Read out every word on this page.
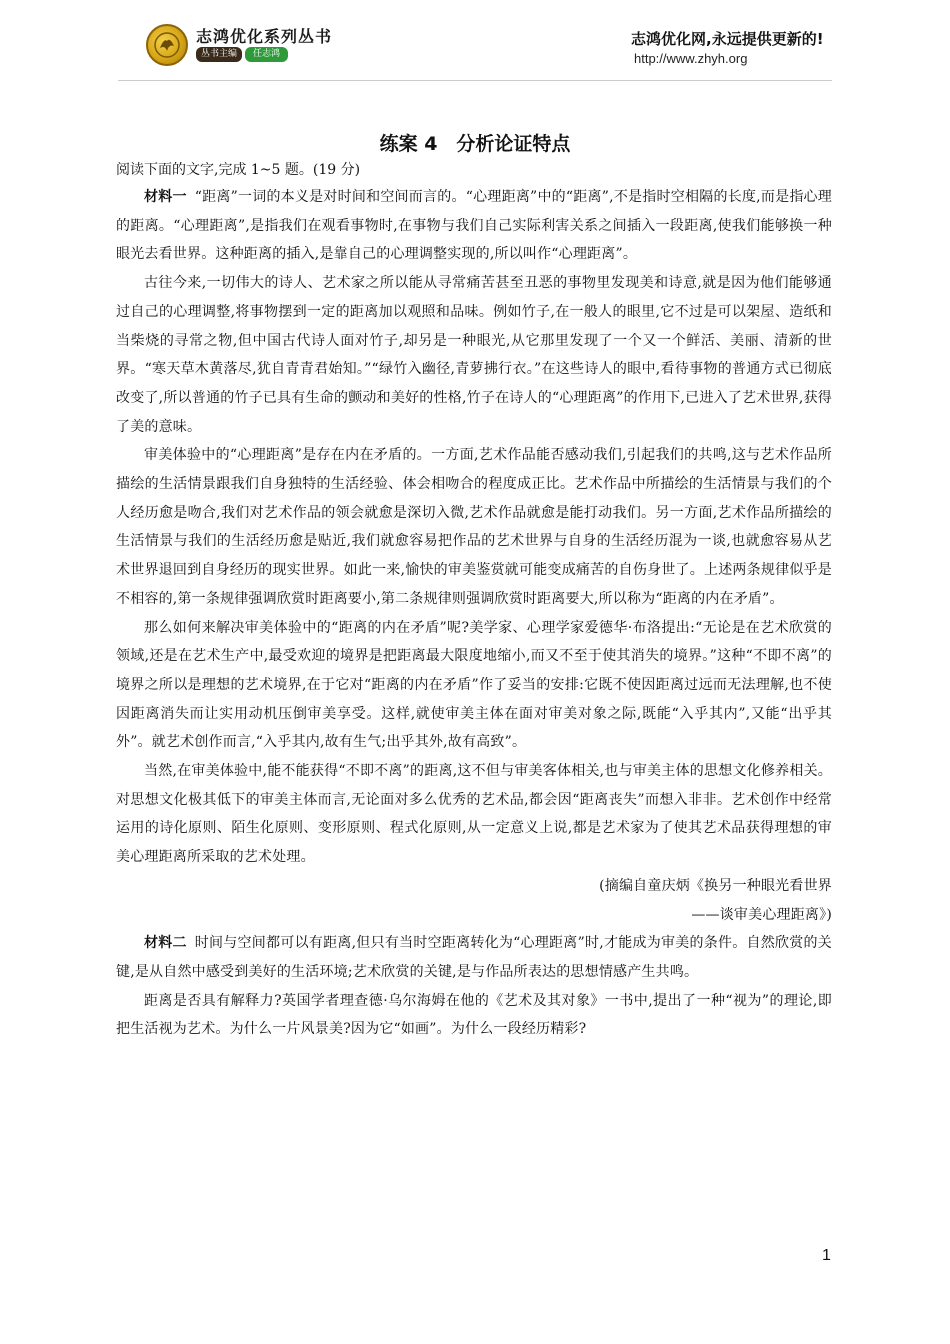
志鸿优化系列丛书
丛书主编	任志鸿
志鸿优化网,永远提供更新的!
http://www.zhyh.org
练案 4　分析论证特点
阅读下面的文字,完成 1~5 题。(19 分)

材料一 “距离”一词的本义是对时间和空间而言的。“心理距离”中的“距离”,不是指时空相隔的长度,而是指心理的距离。“心理距离”,是指我们在观看事物时,在事物与我们自己实际利害关系之间插入一段距离,使我们能够换一种眼光去看世界。这种距离的插入,是靠自己的心理调整实现的,所以叫作“心理距离”。

古往今来,一切伟大的诗人、艺术家之所以能从寻常痛苦甚至丑恶的事物里发现美和诗意,就是因为他们能够通过自己的心理调整,将事物摆到一定的距离加以观照和品味。例如竹子,在一般人的眼里,它不过是可以架屋、造纸和当柴烧的寻常之物,但中国古代诗人面对竹子,却另是一种眼光,从它那里发现了一个又一个鲜活、美丽、清新的世界。“寒天草木黄落尽,犹自青青君始知。”“绿竹入幽径,青萝拂行衣。”在这些诗人的眼中,看待事物的普通方式已彻底改变了,所以普通的竹子已具有生命的颤动和美好的性格,竹子在诗人的“心理距离”的作用下,已进入了艺术世界,获得了美的意味。

审美体验中的“心理距离”是存在内在矛盾的。一方面,艺术作品能否感动我们,引起我们的共鸣,这与艺术作品所描绘的生活情景跟我们自身独特的生活经验、体会相吻合的程度成正比。艺术作品中所描绘的生活情景与我们的个人经历愈是吻合,我们对艺术作品的领会就愈是深切入微,艺术作品就愈是能打动我们。另一方面,艺术作品所描绘的生活情景与我们的生活经历愈是贴近,我们就愈容易把作品的艺术世界与自身的生活经历混为一谈,也就愈容易从艺术世界退回到自身经历的现实世界。如此一来,愉快的审美鉴赏就可能变成痛苦的自伤身世了。上述两条规律似乎是不相容的,第一条规律强调欣赏时距离要小,第二条规律则强调欣赏时距离要大,所以称为“距离的内在矛盾”。

那么如何来解决审美体验中的“距离的内在矛盾”呢?美学家、心理学家爱德华·布洛提出:“无论是在艺术欣赏的领域,还是在艺术生产中,最受欢迎的境界是把距离最大限度地缩小,而又不至于使其消失的境界。”这种“不即不离”的境界之所以是理想的艺术境界,在于它对“距离的内在矛盾”作了妥当的安排:它既不使因距离过远而无法理解,也不使因距离消失而让实用动机压倒审美享受。这样,就使审美主体在面对审美对象之际,既能“入乎其内”,又能“出乎其外”。就艺术创作而言,“入乎其内,故有生气;出乎其外,故有高致”。

当然,在审美体验中,能不能获得“不即不离”的距离,这不但与审美客体相关,也与审美主体的思想文化修养相关。对思想文化极其低下的审美主体而言,无论面对多么优秀的艺术品,都会因“距离丧失”而想入非非。艺术创作中经常运用的诗化原则、陌生化原则、变形原则、程式化原则,从一定意义上说,都是艺术家为了使其艺术品获得理想的审美心理距离所采取的艺术处理。

(摘编自童庆炳《换另一种眼光看世界

——谈审美心理距离》)

材料二 时间与空间都可以有距离,但只有当时空距离转化为“心理距离”时,才能成为审美的条件。自然欣赏的关键,是从自然中感受到美好的生活环境;艺术欣赏的关键,是与作品所表达的思想情感产生共鸣。

距离是否具有解释力?英国学者理查德·乌尔海姆在他的《艺术及其对象》一书中,提出了一种“视为”的理论,即把生活视为艺术。为什么一片风景美?因为它“如画”。为什么一段经历精彩?

1
